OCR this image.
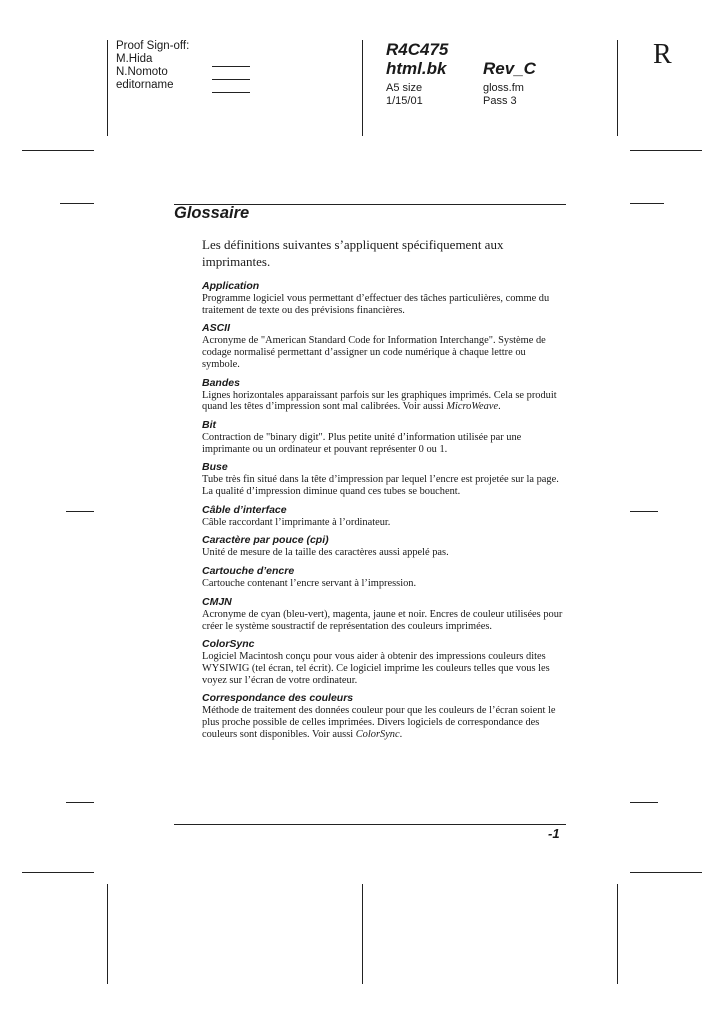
Proof Sign-off:
M.Hida
N.Nomoto
editorname
R4C475
html.bk Rev_C
A5 size
1/15/01
gloss.fm
Pass 3
R
Glossaire
Les définitions suivantes s’appliquent spécifiquement aux imprimantes.
Application
Programme logiciel vous permettant d’effectuer des tâches particulières, comme du traitement de texte ou des prévisions financières.
ASCII
Acronyme de "American Standard Code for Information Interchange". Système de codage normalisé permettant d’assigner un code numérique à chaque lettre ou symbole.
Bandes
Lignes horizontales apparaissant parfois sur les graphiques imprimés. Cela se produit quand les têtes d’impression sont mal calibrées. Voir aussi MicroWeave.
Bit
Contraction de "binary digit". Plus petite unité d’information utilisée par une imprimante ou un ordinateur et pouvant représenter 0 ou 1.
Buse
Tube très fin situé dans la tête d’impression par lequel l’encre est projetée sur la page. La qualité d’impression diminue quand ces tubes se bouchent.
Câble d’interface
Câble raccordant l’imprimante à l’ordinateur.
Caractère par pouce (cpi)
Unité de mesure de la taille des caractères aussi appelé pas.
Cartouche d’encre
Cartouche contenant l’encre servant à l’impression.
CMJN
Acronyme de cyan (bleu-vert), magenta, jaune et noir. Encres de couleur utilisées pour créer le système soustractif de représentation des couleurs imprimées.
ColorSync
Logiciel Macintosh conçu pour vous aider à obtenir des impressions couleurs dites WYSIWIG (tel écran, tel écrit). Ce logiciel imprime les couleurs telles que vous les voyez sur l’écran de votre ordinateur.
Correspondance des couleurs
Méthode de traitement des données couleur pour que les couleurs de l’écran soient le plus proche possible de celles imprimées. Divers logiciels de correspondance des couleurs sont disponibles. Voir aussi ColorSync.
-1
